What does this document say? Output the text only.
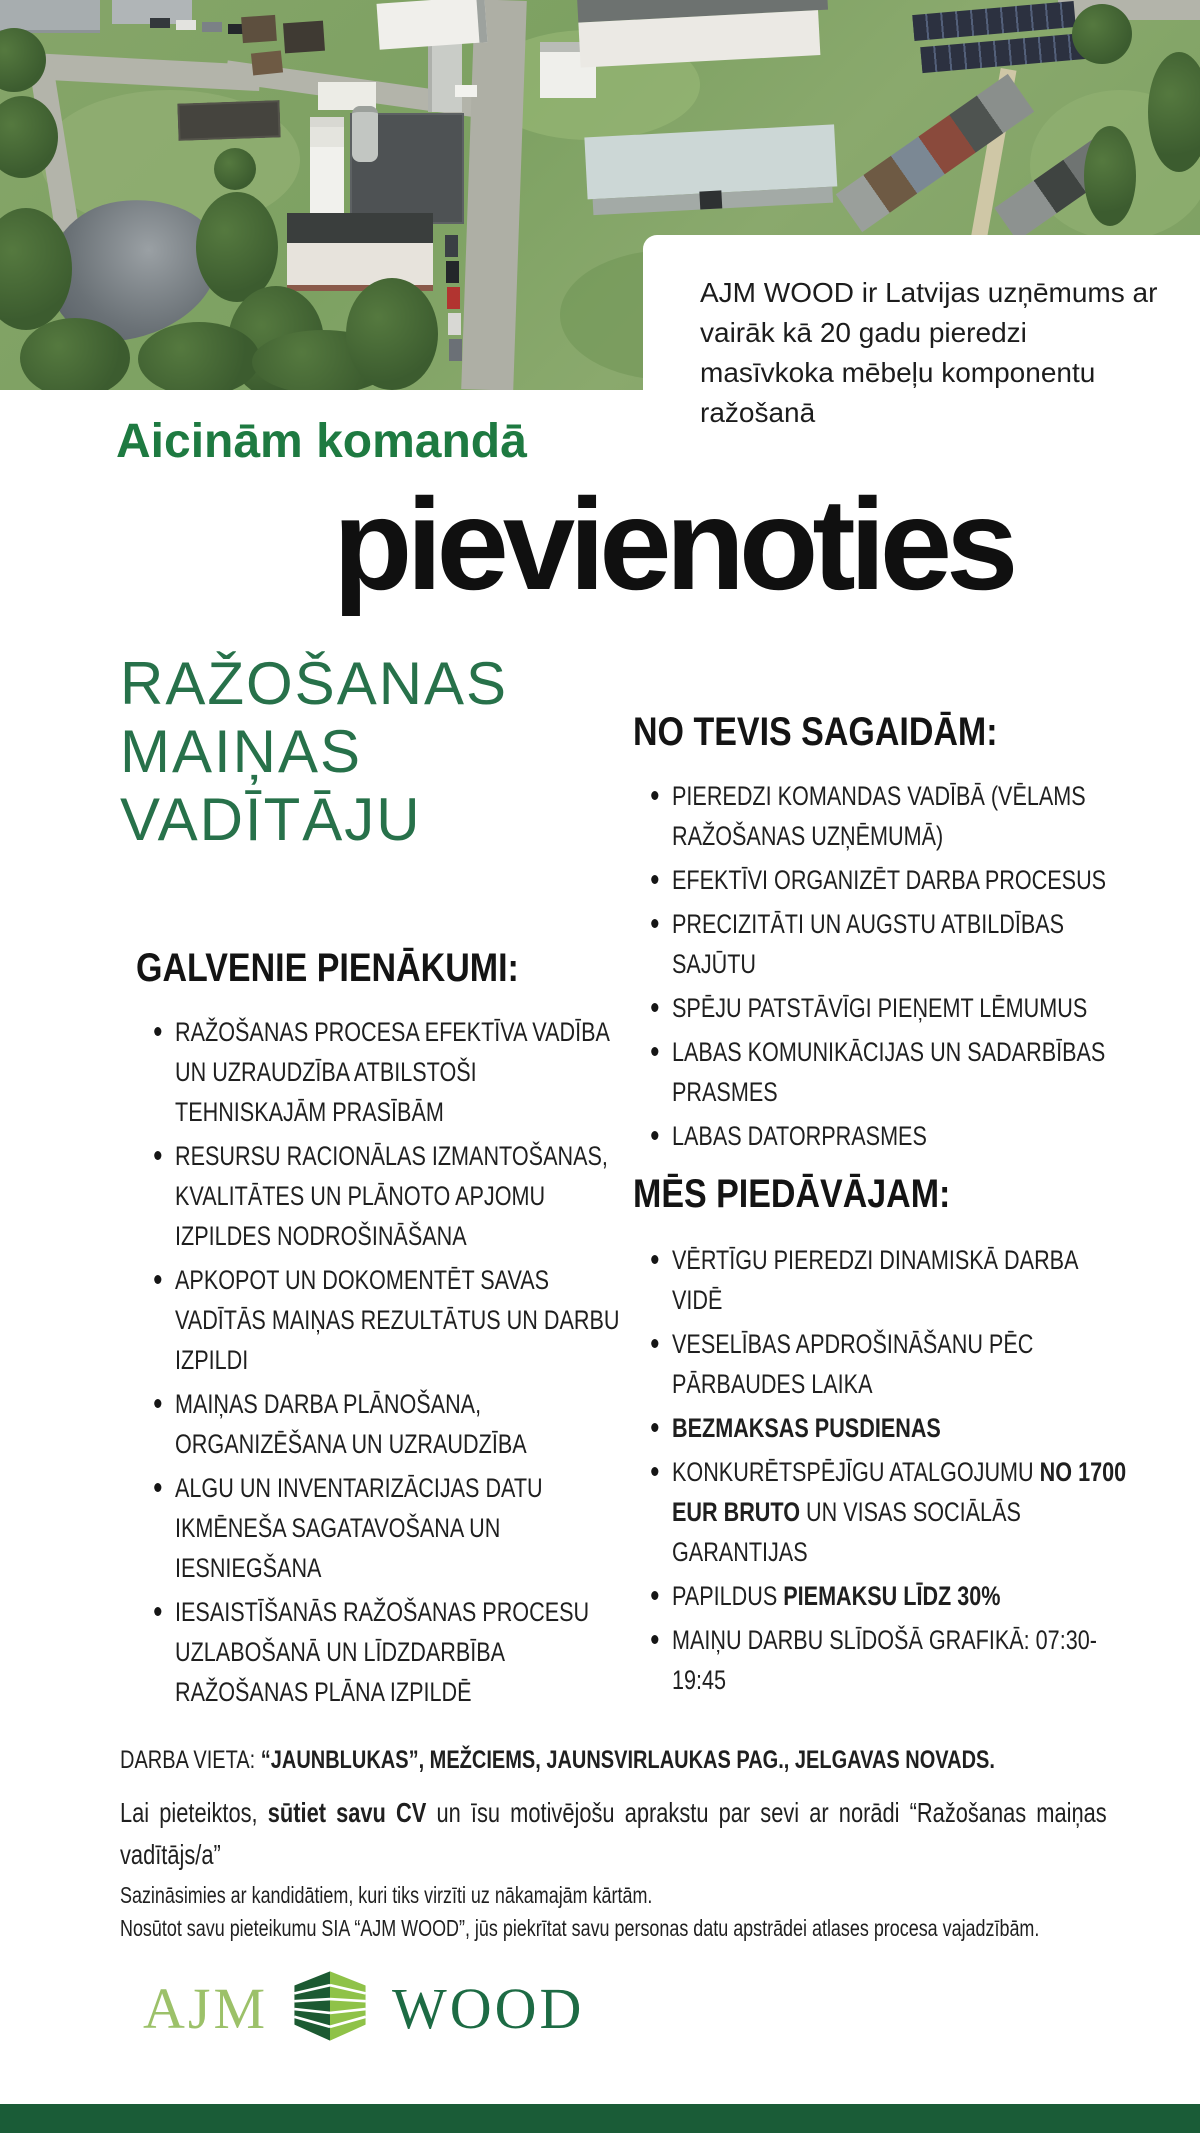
AJM WOOD ir Latvijas uzņēmums ar vairāk kā 20 gadu pieredzi masīvkoka mēbeļu komponentu ražošanā
Aicinām komandā
pievienoties
RAŽOŠANAS
MAIŅAS
VADĪTĀJU
NO TEVIS SAGAIDĀM:
PIEREDZI KOMANDAS VADĪBĀ (VĒLAMS RAŽOŠANAS UZŅĒMUMĀ)
EFEKTĪVI ORGANIZĒT DARBA PROCESUS
PRECIZITĀTI UN AUGSTU ATBILDĪBAS SAJŪTU
SPĒJU PATSTĀVĪGI PIEŅEMT LĒMUMUS
LABAS KOMUNIKĀCIJAS UN SADARBĪBAS PRASMES
LABAS DATORPRASMES
GALVENIE PIENĀKUMI:
RAŽOŠANAS PROCESA EFEKTĪVA VADĪBA UN UZRAUDZĪBA ATBILSTOŠI TEHNISKAJĀM PRASĪBĀM
RESURSU RACIONĀLAS IZMANTOŠANAS, KVALITĀTES UN PLĀNOTO APJOMU IZPILDES NODROŠINĀŠANA
APKOPOT UN DOKOMENTĒT SAVAS VADĪTĀS MAIŅAS REZULTĀTUS UN DARBU IZPILDI
MAIŅAS DARBA PLĀNOŠANA, ORGANIZĒŠANA UN UZRAUDZĪBA
ALGU UN INVENTARIZĀCIJAS DATU IKMĒNEŠA SAGATAVOŠANA UN IESNIEGŠANA
IESAISTĪŠANĀS RAŽOŠANAS PROCESU UZLABOŠANĀ UN LĪDZDARBĪBA RAŽOŠANAS PLĀNA IZPILDĒ
MĒS PIEDĀVĀJAM:
VĒRTĪGU PIEREDZI DINAMISKĀ DARBA VIDĒ
VESELĪBAS APDROŠINĀŠANU PĒC PĀRBAUDES LAIKA
BEZMAKSAS PUSDIENAS
KONKURĒTSPĒJĪGU ATALGOJUMU NO 1700 EUR BRUTO UN VISAS SOCIĀLĀS GARANTIJAS
PAPILDUS PIEMAKSU LĪDZ 30%
MAIŅU DARBU SLĪDOŠĀ GRAFIKĀ: 07:30-19:45
DARBA VIETA: “JAUNBLUKAS”, MEŽCIEMS, JAUNSVIRLAUKAS PAG., JELGAVAS NOVADS.
Lai pieteiktos, sūtiet savu CV un īsu motivējošu aprakstu par sevi ar norādi “Ražošanas maiņas vadītājs/a”
Sazināsimies ar kandidātiem, kuri tiks virzīti uz nākamajām kārtām.
Nosūtot savu pieteikumu SIA “AJM WOOD”, jūs piekrītat savu personas datu apstrādei atlases procesa vajadzībām.
AJM WOOD
